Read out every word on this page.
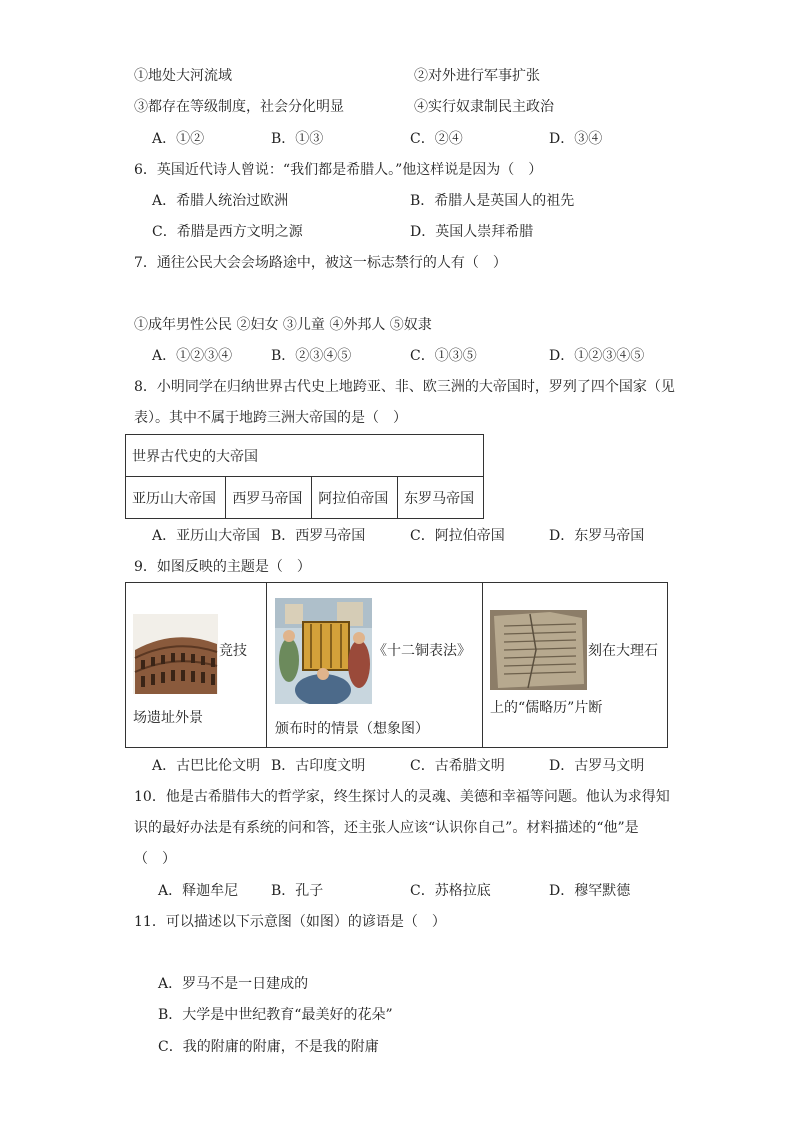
①地处大河流域	②对外进行军事扩张
③都存在等级制度，社会分化明显	④实行奴隶制民主政治
A．①②	B．①③	C．②④	D．③④
6．英国近代诗人曾说：“我们都是希腊人。”他这样说是因为（　）
A．希腊人统治过欧洲	B．希腊人是英国人的祖先
C．希腊是西方文明之源	D．英国人崇拜希腊
7．通往公民大会会场路途中，被这一标志禁行的人有（　）
①成年男性公民 ②妇女 ③儿童 ④外邦人 ⑤奴隶
A．①②③④	B．②③④⑤	C．①③⑤	D．①②③④⑤
8．小明同学在归纳世界古代史上地跨亚、非、欧三洲的大帝国时，罗列了四个国家（见
表）。其中不属于地跨三洲大帝国的是（　）
世界古代史的大帝国
亚历山大帝国	西罗马帝国	阿拉伯帝国	东罗马帝国
A．亚历山大帝国 B．西罗马帝国	C．阿拉伯帝国	D．东罗马帝国
9．如图反映的主题是（　）
竞技
场遗址外景
《十二铜表法》
颁布时的情景（想象图）
刻在大理石
上的“儒略历”片断
A．古巴比伦文明 B．古印度文明	C．古希腊文明	D．古罗马文明
10．他是古希腊伟大的哲学家，终生探讨人的灵魂、美德和幸福等问题。他认为求得知
识的最好办法是有系统的问和答，还主张人应该“认识你自己”。材料描述的“他”是
（　）
A．释迦牟尼 B．孔子	C．苏格拉底	D．穆罕默德
11．可以描述以下示意图（如图）的谚语是（　）
A．罗马不是一日建成的
B．大学是中世纪教育“最美好的花朵”
C．我的附庸的附庸，不是我的附庸
